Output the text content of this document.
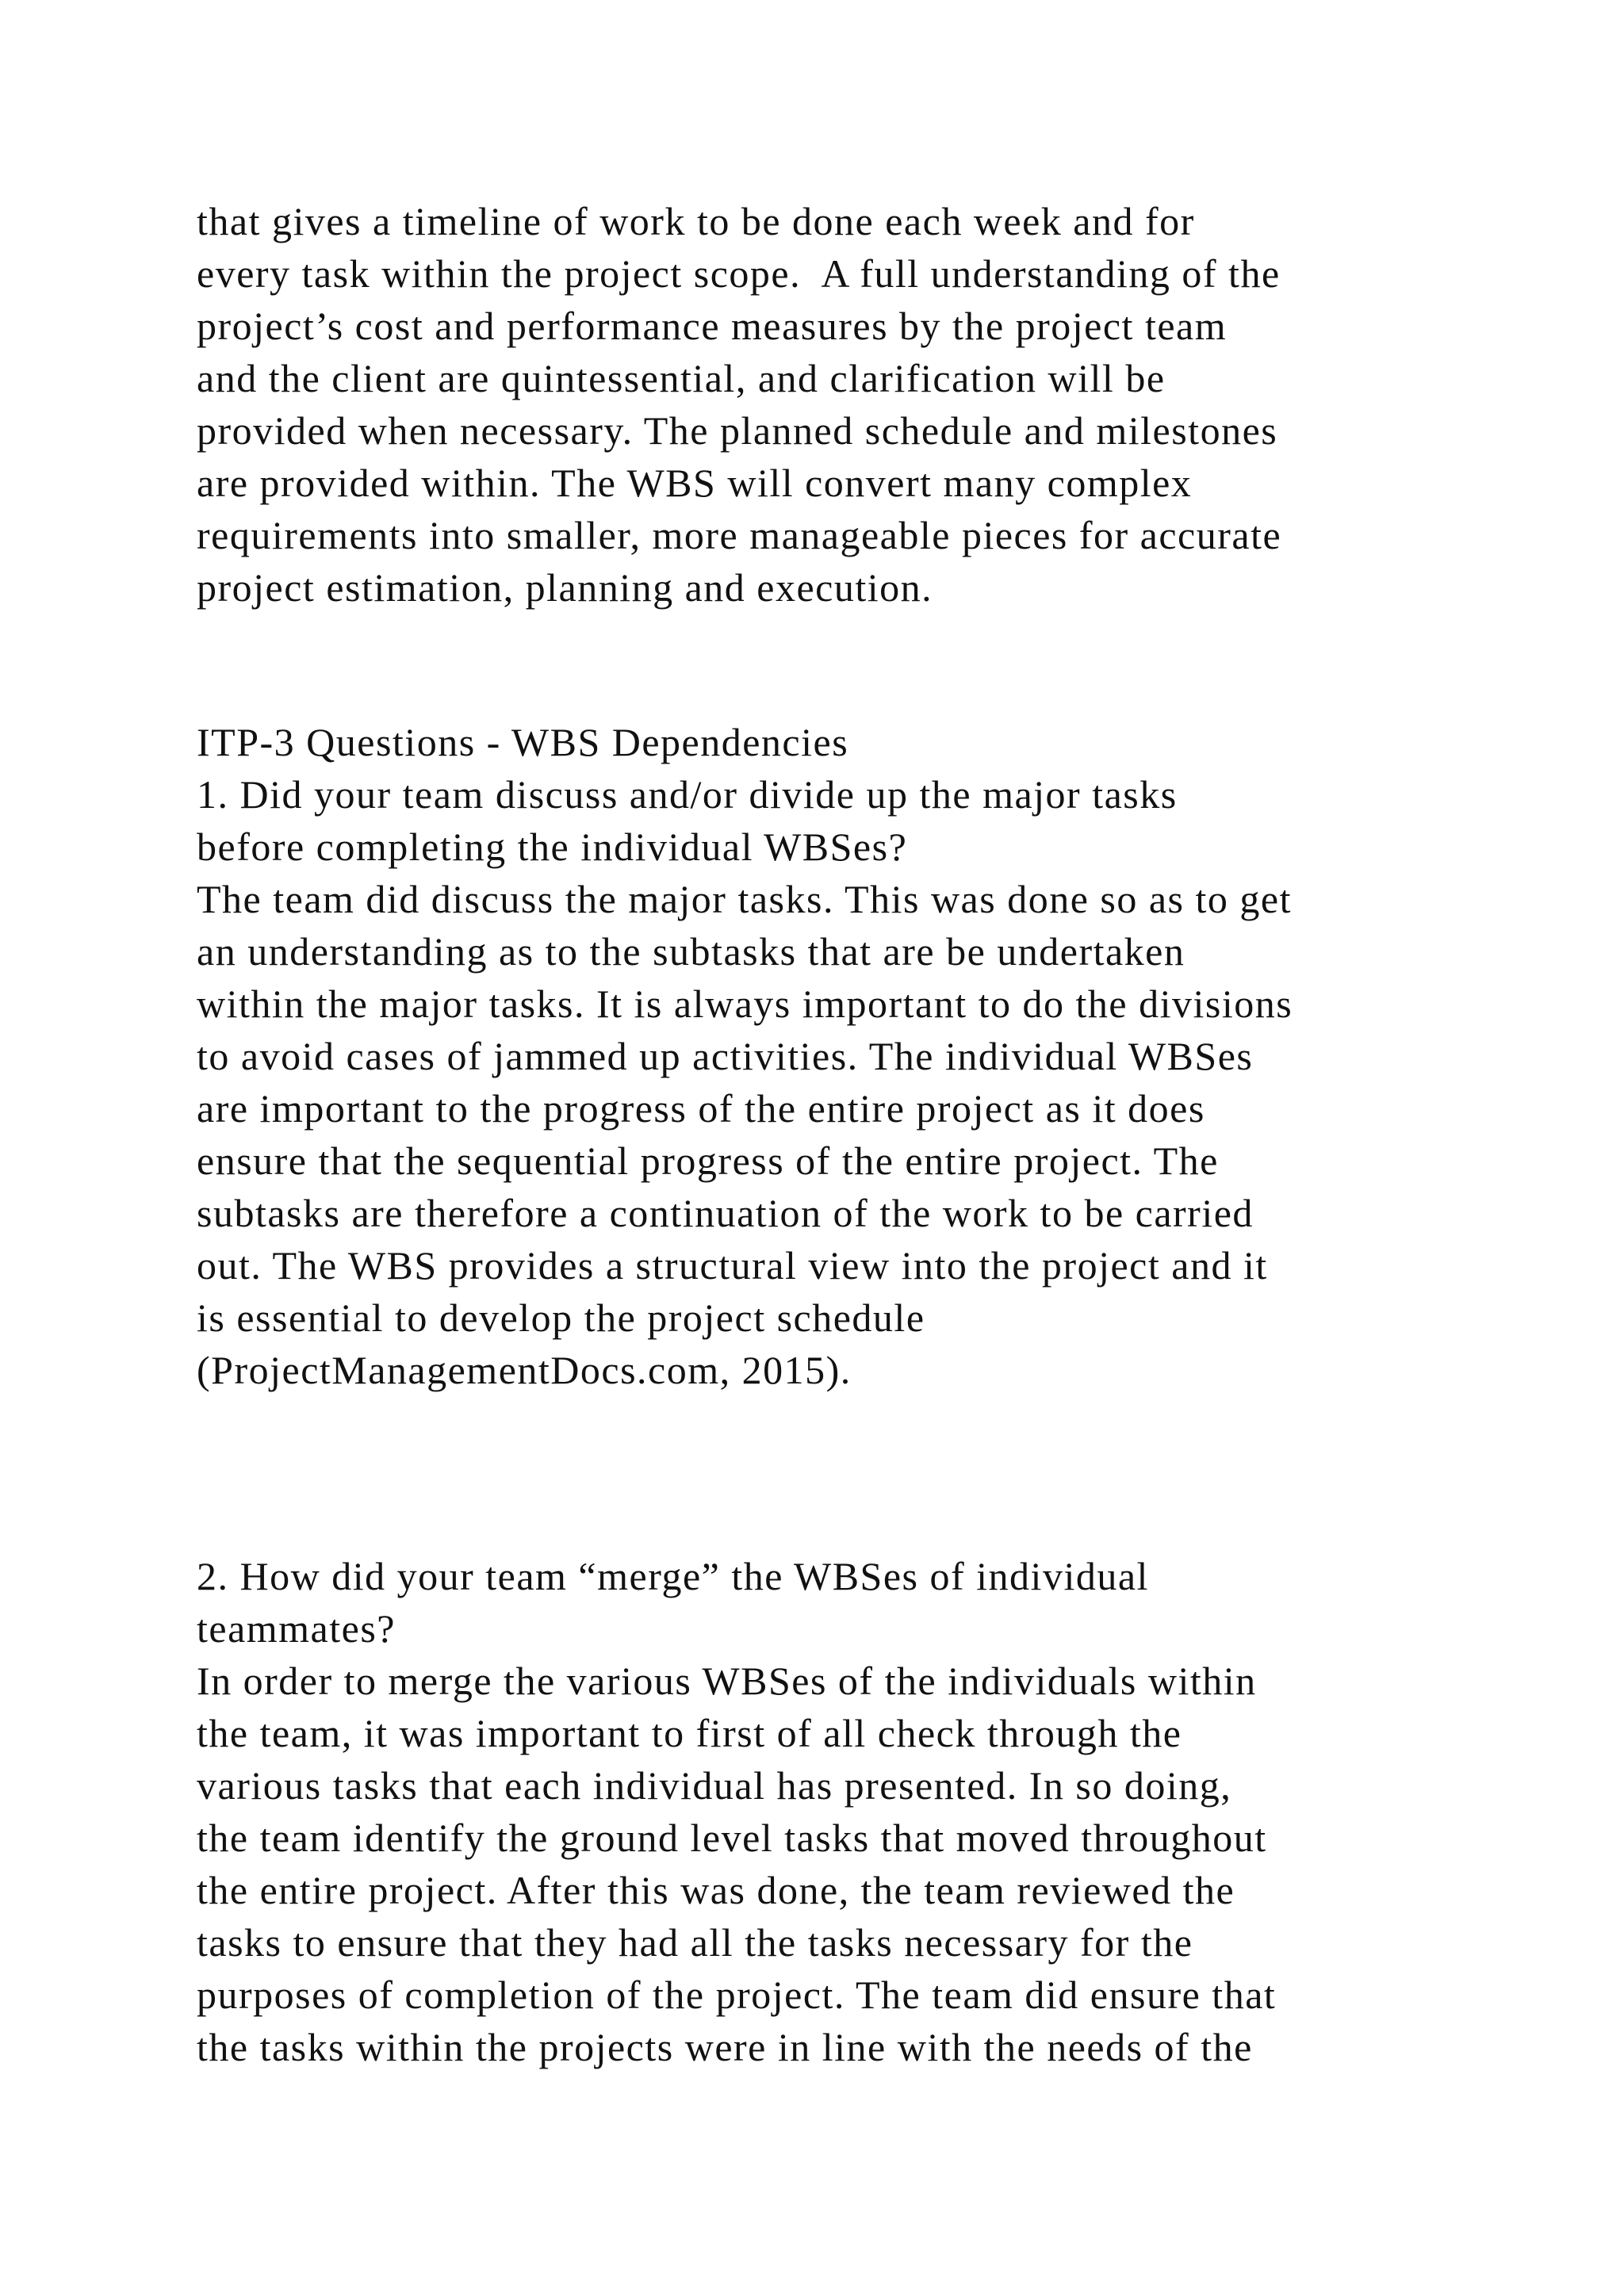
that gives a timeline of work to be done each week and for
every task within the project scope.  A full understanding of the
project’s cost and performance measures by the project team
and the client are quintessential, and clarification will be
provided when necessary. The planned schedule and milestones
are provided within. The WBS will convert many complex
requirements into smaller, more manageable pieces for accurate
project estimation, planning and execution.
ITP-3 Questions - WBS Dependencies
1. Did your team discuss and/or divide up the major tasks
before completing the individual WBSes?
The team did discuss the major tasks. This was done so as to get
an understanding as to the subtasks that are be undertaken
within the major tasks. It is always important to do the divisions
to avoid cases of jammed up activities. The individual WBSes
are important to the progress of the entire project as it does
ensure that the sequential progress of the entire project. The
subtasks are therefore a continuation of the work to be carried
out. The WBS provides a structural view into the project and it
is essential to develop the project schedule
(ProjectManagementDocs.com, 2015).
2. How did your team “merge” the WBSes of individual
teammates?
In order to merge the various WBSes of the individuals within
the team, it was important to first of all check through the
various tasks that each individual has presented. In so doing,
the team identify the ground level tasks that moved throughout
the entire project. After this was done, the team reviewed the
tasks to ensure that they had all the tasks necessary for the
purposes of completion of the project. The team did ensure that
the tasks within the projects were in line with the needs of the
